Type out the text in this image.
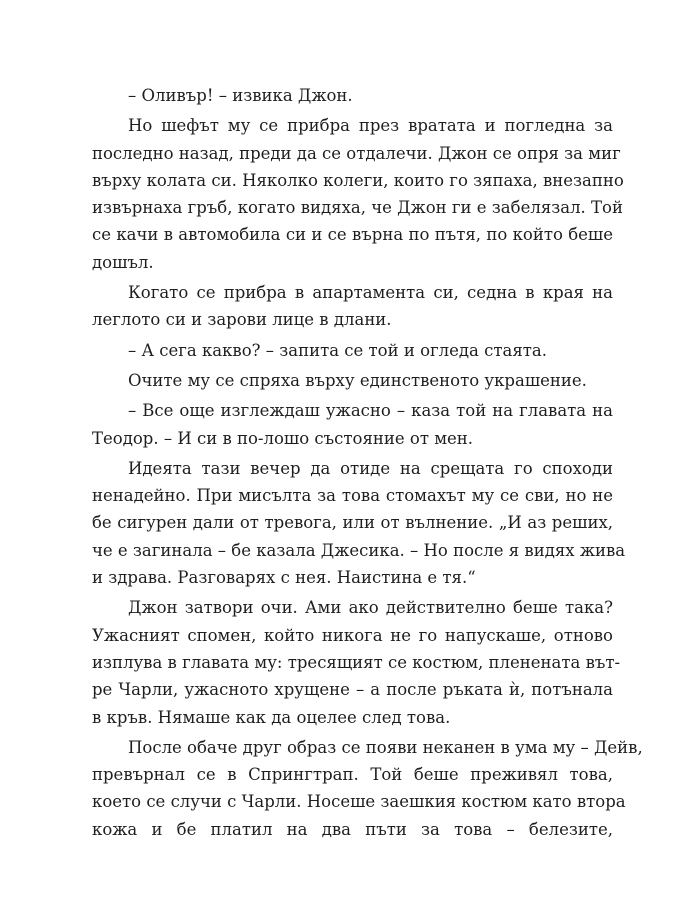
– Оливър! – извика Джон.
Но шефът му се прибра през вратата и погледна за
последно назад, преди да се отдалечи. Джон се опря за миг
върху колата си. Няколко колеги, които го зяпаха, внезапно
извърнаха гръб, когато видяха, че Джон ги е забелязал. Той
се качи в автомобила си и се върна по пътя, по който беше
дошъл.
Когато се прибра в апартамента си, седна в края на
леглото си и зарови лице в длани.
– А сега какво? – запита се той и огледа стаята.
Очите му се спряха върху единственото украшение.
– Все още изглеждаш ужасно – каза той на главата на
Теодор. – И си в по-лошо състояние от мен.
Идеята тази вечер да отиде на срещата го споходи
ненадейно. При мисълта за това стомахът му се сви, но не
бе сигурен дали от тревога, или от вълнение. „И аз реших,
че е загинала – бе казала Джесика. – Но после я видях жива
и здрава. Разговарях с нея. Наистина е тя.“
Джон затвори очи. Ами ако действително беше така?
Ужасният спомен, който никога не го напускаше, отново
изплува в главата му: тресящият се костюм, пленената вът-
ре Чарли, ужасното хрущене – а после ръката ѝ, потънала
в кръв. Нямаше как да оцелее след това.
После обаче друг образ се появи неканен в ума му – Дейв,
превърнал се в Спрингтрап. Той беше преживял това,
което се случи с Чарли. Носеше заешкия костюм като втора
кожа и бе платил на два пъти за това – белезите,
